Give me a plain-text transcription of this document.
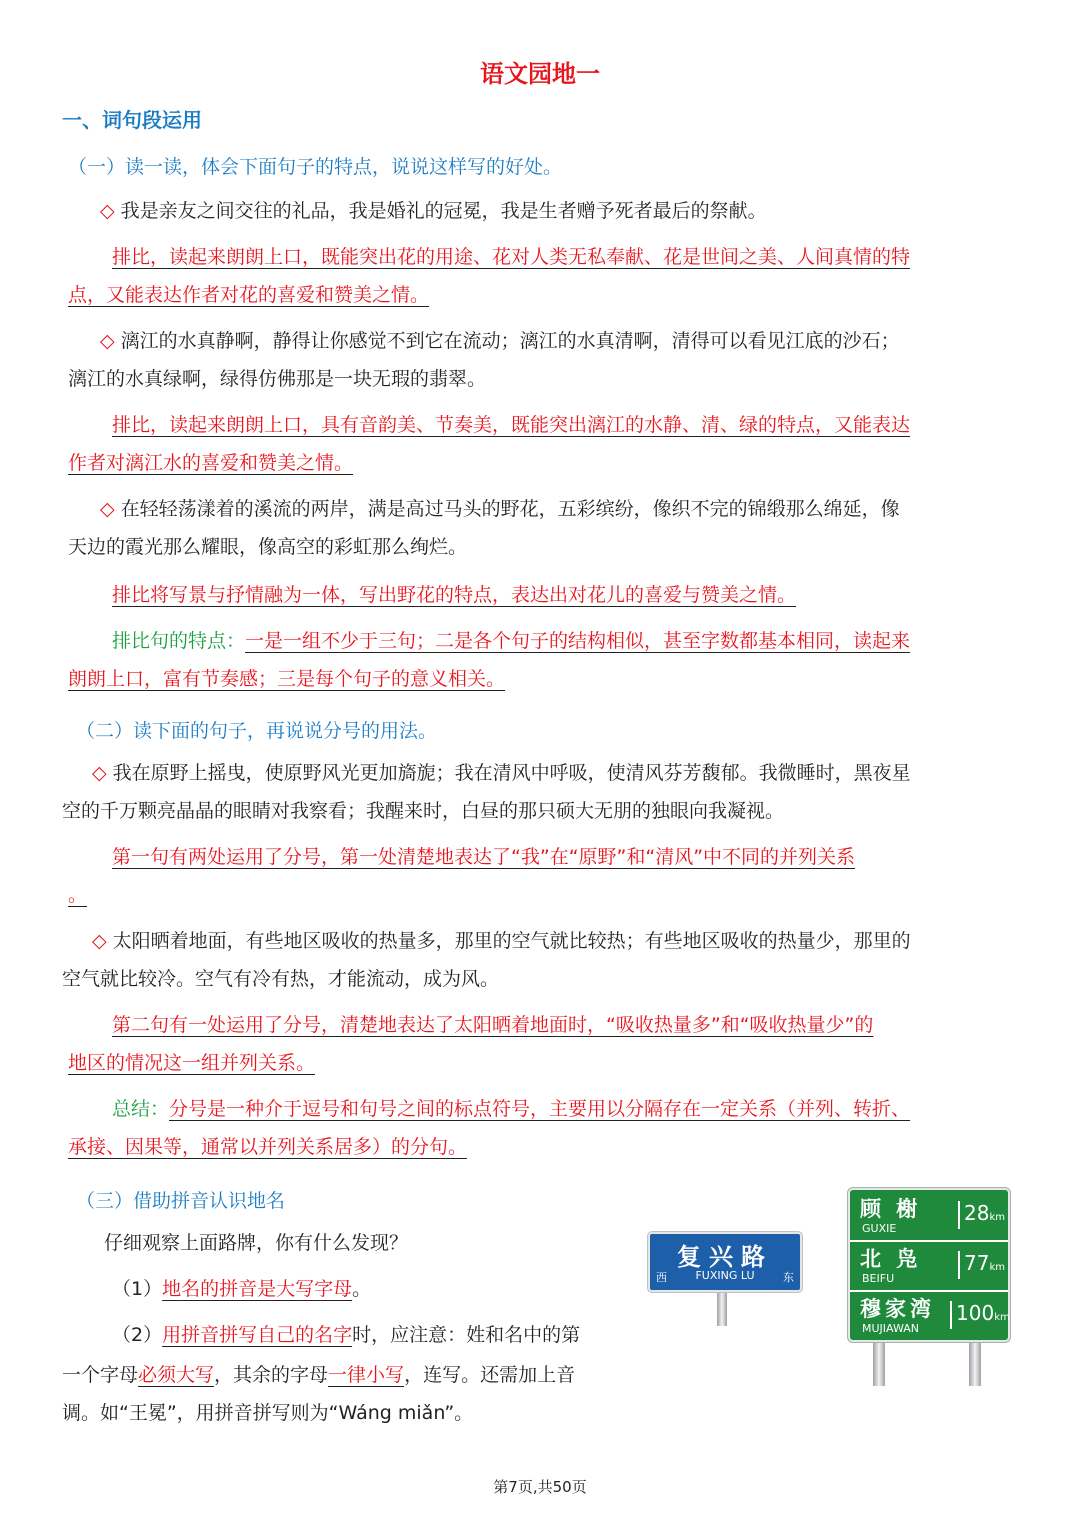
语文园地一
一、词句段运用
（一）读一读，体会下面句子的特点，说说这样写的好处。
◇ 我是亲友之间交往的礼品，我是婚礼的冠冕，我是生者赠予死者最后的祭献。
排比，读起来朗朗上口，既能突出花的用途、花对人类无私奉献、花是世间之美、人间真情的特
点，又能表达作者对花的喜爱和赞美之情。
◇ 漓江的水真静啊，静得让你感觉不到它在流动；漓江的水真清啊，清得可以看见江底的沙石；
漓江的水真绿啊，绿得仿佛那是一块无瑕的翡翠。
排比，读起来朗朗上口，具有音韵美、节奏美，既能突出漓江的水静、清、绿的特点，又能表达
作者对漓江水的喜爱和赞美之情。
◇ 在轻轻荡漾着的溪流的两岸，满是高过马头的野花，五彩缤纷，像织不完的锦缎那么绵延，像
天边的霞光那么耀眼，像高空的彩虹那么绚烂。
排比将写景与抒情融为一体，写出野花的特点，表达出对花儿的喜爱与赞美之情。
排比句的特点：一是一组不少于三句；二是各个句子的结构相似，甚至字数都基本相同，读起来
朗朗上口，富有节奏感；三是每个句子的意义相关。
（二）读下面的句子，再说说分号的用法。
◇ 我在原野上摇曳，使原野风光更加旖旎；我在清风中呼吸，使清风芬芳馥郁。我微睡时，黑夜星
空的千万颗亮晶晶的眼睛对我察看；我醒来时，白昼的那只硕大无朋的独眼向我凝视。
第一句有两处运用了分号，第一处清楚地表达了“我”在“原野”和“清风”中不同的并列关系
。
◇ 太阳晒着地面，有些地区吸收的热量多，那里的空气就比较热；有些地区吸收的热量少，那里的
空气就比较冷。空气有冷有热，才能流动，成为风。
第二句有一处运用了分号，清楚地表达了太阳晒着地面时，“吸收热量多”和“吸收热量少”的
地区的情况这一组并列关系。
总结：分号是一种介于逗号和句号之间的标点符号，主要用以分隔存在一定关系（并列、转折、
承接、因果等，通常以并列关系居多）的分句。
（三）借助拼音认识地名
仔细观察上面路牌，你有什么发现？
（1）地名的拼音是大写字母。
（2）用拼音拼写自己的名字时，应注意：姓和名中的第
一个字母必须大写，其余的字母一律小写，连写。还需加上音
调。如“王冕”，用拼音拼写则为“Wáng miǎn”。
复兴路
西	FUXING LU	东
顾 榭
GUXIE
28km
北 凫
BEIFU
77km
穆家湾
MUJIAWAN
100km
第7页,共50页
